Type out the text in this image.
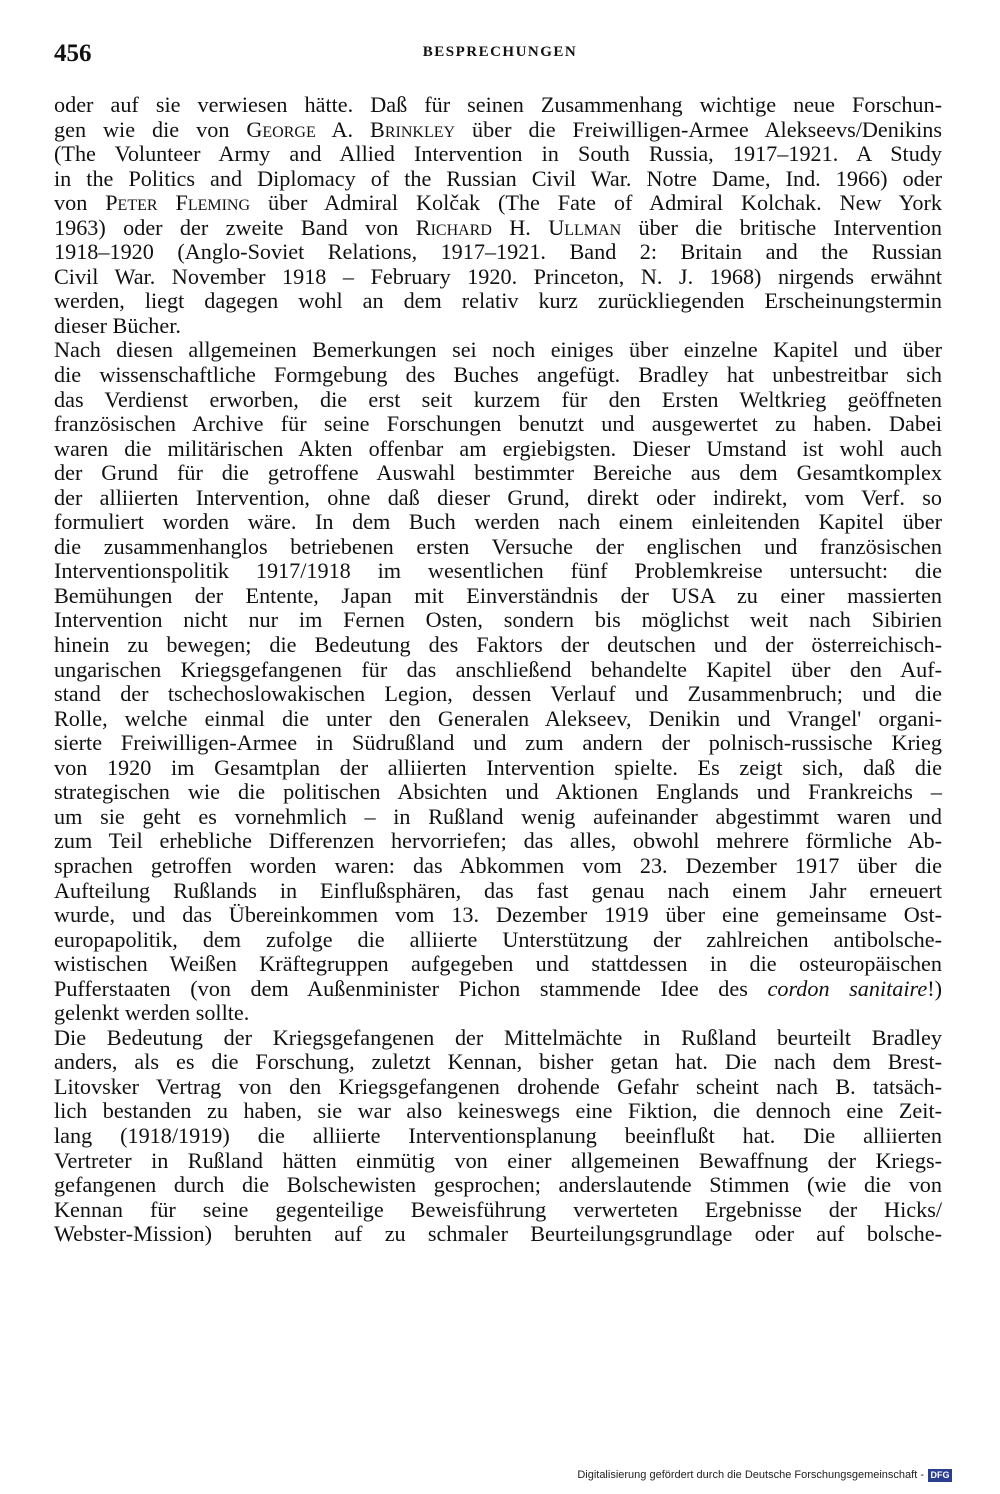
456	BESPRECHUNGEN
oder auf sie verwiesen hätte. Daß für seinen Zusammenhang wichtige neue Forschun-
gen wie die von George A. Brinkley über die Freiwilligen-Armee Alekseevs/Denikins
(The Volunteer Army and Allied Intervention in South Russia, 1917–1921. A Study
in the Politics and Diplomacy of the Russian Civil War. Notre Dame, Ind. 1966) oder
von Peter Fleming über Admiral Kolčak (The Fate of Admiral Kolchak. New York
1963) oder der zweite Band von Richard H. Ullman über die britische Intervention
1918–1920 (Anglo-Soviet Relations, 1917–1921. Band 2: Britain and the Russian
Civil War. November 1918 – February 1920. Princeton, N. J. 1968) nirgends erwähnt
werden, liegt dagegen wohl an dem relativ kurz zurückliegenden Erscheinungstermin
dieser Bücher.
Nach diesen allgemeinen Bemerkungen sei noch einiges über einzelne Kapitel und über
die wissenschaftliche Formgebung des Buches angefügt. Bradley hat unbestreitbar sich
das Verdienst erworben, die erst seit kurzem für den Ersten Weltkrieg geöffneten
französischen Archive für seine Forschungen benutzt und ausgewertet zu haben. Dabei
waren die militärischen Akten offenbar am ergiebigsten. Dieser Umstand ist wohl auch
der Grund für die getroffene Auswahl bestimmter Bereiche aus dem Gesamtkomplex
der alliierten Intervention, ohne daß dieser Grund, direkt oder indirekt, vom Verf. so
formuliert worden wäre. In dem Buch werden nach einem einleitenden Kapitel über
die zusammenhanglos betriebenen ersten Versuche der englischen und französischen
Interventionspolitik 1917/1918 im wesentlichen fünf Problemkreise untersucht: die
Bemühungen der Entente, Japan mit Einverständnis der USA zu einer massierten
Intervention nicht nur im Fernen Osten, sondern bis möglichst weit nach Sibirien
hinein zu bewegen; die Bedeutung des Faktors der deutschen und der österreichisch-
ungarischen Kriegsgefangenen für das anschließend behandelte Kapitel über den Auf-
stand der tschechoslowakischen Legion, dessen Verlauf und Zusammenbruch; und die
Rolle, welche einmal die unter den Generalen Alekseev, Denikin und Vrangel' organi-
sierte Freiwilligen-Armee in Südrußland und zum andern der polnisch-russische Krieg
von 1920 im Gesamtplan der alliierten Intervention spielte. Es zeigt sich, daß die
strategischen wie die politischen Absichten und Aktionen Englands und Frankreichs –
um sie geht es vornehmlich – in Rußland wenig aufeinander abgestimmt waren und
zum Teil erhebliche Differenzen hervorriefen; das alles, obwohl mehrere förmliche Ab-
sprachen getroffen worden waren: das Abkommen vom 23. Dezember 1917 über die
Aufteilung Rußlands in Einflußsphären, das fast genau nach einem Jahr erneuert
wurde, und das Übereinkommen vom 13. Dezember 1919 über eine gemeinsame Ost-
europapolitik, dem zufolge die alliierte Unterstützung der zahlreichen antibolsche-
wistischen Weißen Kräftegruppen aufgegeben und stattdessen in die osteuropäischen
Pufferstaaten (von dem Außenminister Pichon stammende Idee des cordon sanitaire!)
gelenkt werden sollte.
Die Bedeutung der Kriegsgefangenen der Mittelmächte in Rußland beurteilt Bradley
anders, als es die Forschung, zuletzt Kennan, bisher getan hat. Die nach dem Brest-
Litovsker Vertrag von den Kriegsgefangenen drohende Gefahr scheint nach B. tatsäch-
lich bestanden zu haben, sie war also keineswegs eine Fiktion, die dennoch eine Zeit-
lang (1918/1919) die alliierte Interventionsplanung beeinflußt hat. Die alliierten
Vertreter in Rußland hätten einmütig von einer allgemeinen Bewaffnung der Kriegs-
gefangenen durch die Bolschewisten gesprochen; anderslautende Stimmen (wie die von
Kennan für seine gegenteilige Beweisführung verwerteten Ergebnisse der Hicks/
Webster-Mission) beruhten auf zu schmaler Beurteilungsgrundlage oder auf bolsche-
Digitalisierung gefördert durch die Deutsche Forschungsgemeinschaft - DFG
